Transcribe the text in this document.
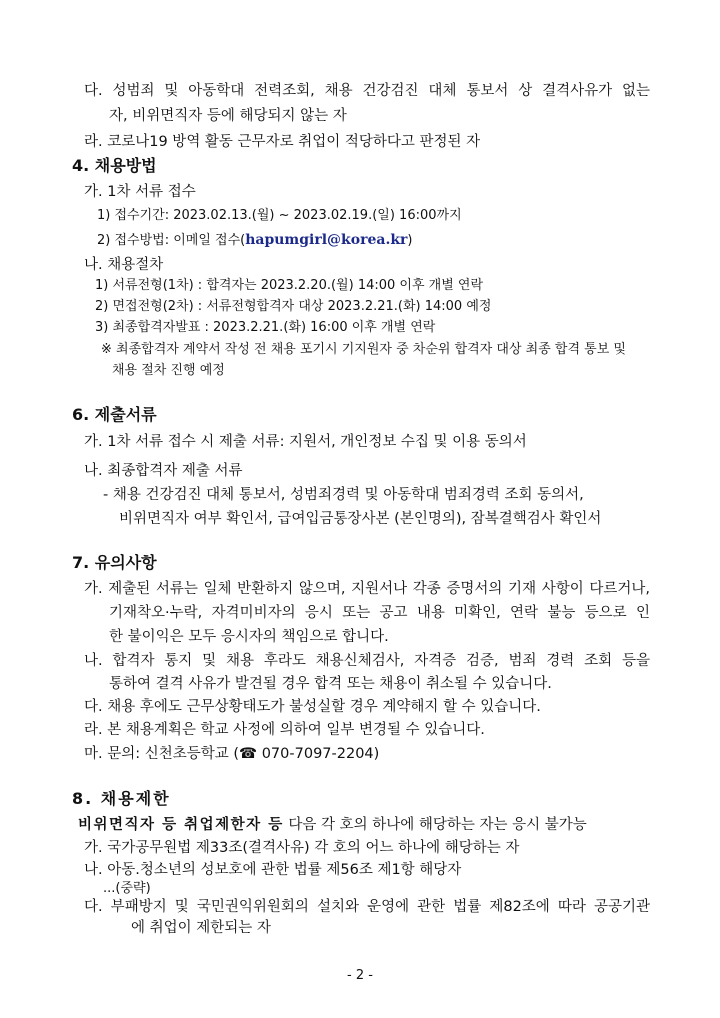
다. 성범죄 및 아동학대 전력조회, 채용 건강검진 대체 통보서 상 결격사유가 없는
자, 비위면직자 등에 해당되지 않는 자
라. 코로나19 방역 활동 근무자로 취업이 적당하다고 판정된 자
4. 채용방법
가. 1차 서류 접수
1) 접수기간: 2023.02.13.(월) ~ 2023.02.19.(일) 16:00까지
2) 접수방법: 이메일 접수(hapumgirl@korea.kr)
나. 채용절차
1) 서류전형(1차) : 합격자는 2023.2.20.(월) 14:00 이후 개별 연락
2) 면접전형(2차) : 서류전형합격자 대상 2023.2.21.(화) 14:00 예정
3) 최종합격자발표 : 2023.2.21.(화) 16:00 이후 개별 연락
※ 최종합격자 계약서 작성 전 채용 포기시 기지원자 중 차순위 합격자 대상 최종 합격 통보 및
채용 절차 진행 예정
6. 제출서류
가. 1차 서류 접수 시 제출 서류: 지원서, 개인정보 수집 및 이용 동의서
나. 최종합격자 제출 서류
- 채용 건강검진 대체 통보서, 성범죄경력 및 아동학대 범죄경력 조회 동의서,
비위면직자 여부 확인서, 급여입금통장사본 (본인명의), 잠복결핵검사 확인서
7. 유의사항
가. 제출된 서류는 일체 반환하지 않으며, 지원서나 각종 증명서의 기재 사항이 다르거나,
기재착오·누락, 자격미비자의 응시 또는 공고 내용 미확인, 연락 불능 등으로 인
한 불이익은 모두 응시자의 책임으로 합니다.
나. 합격자 통지 및 채용 후라도 채용신체검사, 자격증 검증, 범죄 경력 조회 등을
통하여 결격 사유가 발견될 경우 합격 또는 채용이 취소될 수 있습니다.
다. 채용 후에도 근무상황태도가 불성실할 경우 계약해지 할 수 있습니다.
라. 본 채용계획은 학교 사정에 의하여 일부 변경될 수 있습니다.
마. 문의: 신천초등학교 (☎ 070-7097-2204)
8. 채용제한
비위면직자 등 취업제한자 등 다음 각 호의 하나에 해당하는 자는 응시 불가능
가. 국가공무원법 제33조(결격사유) 각 호의 어느 하나에 해당하는 자
나. 아동.청소년의 성보호에 관한 법률 제56조 제1항 해당자
...(중략)
다. 부패방지 및 국민권익위원회의 설치와 운영에 관한 법률 제82조에 따라 공공기관
에 취업이 제한되는 자
- 2 -
